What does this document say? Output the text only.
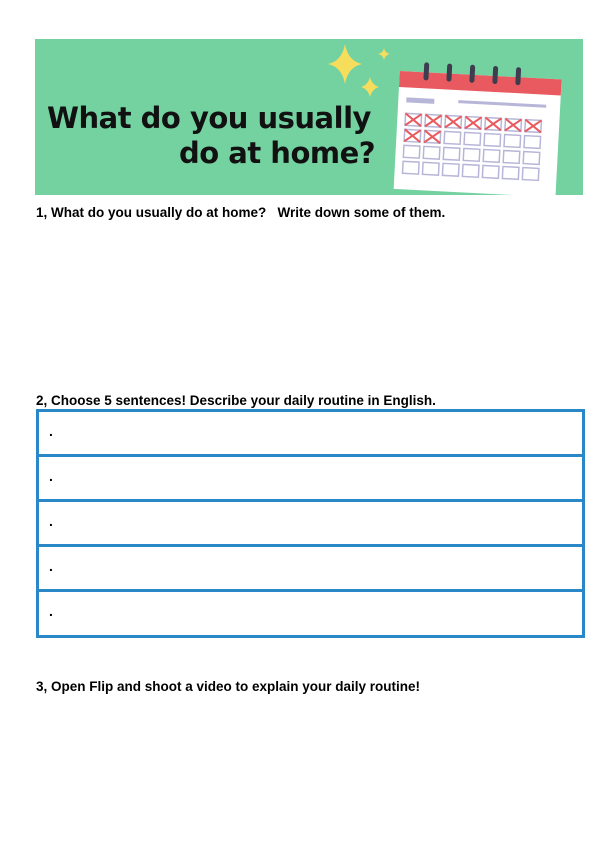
What do you usually
do at home?

1, What do you usually do at home?   Write down some of them.

2, Choose 5 sentences! Describe your daily routine in English.

.
.
.
.
.

3, Open Flip and shoot a video to explain your daily routine!
